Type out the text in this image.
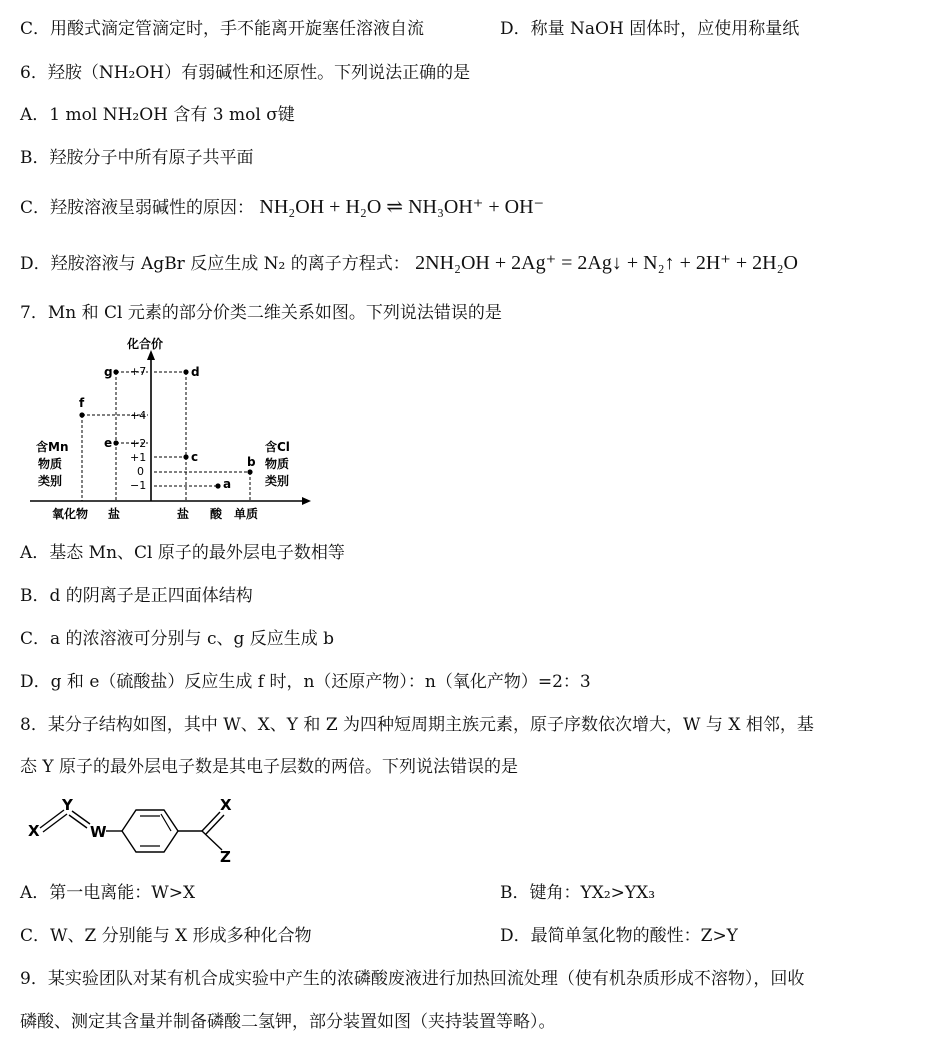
C．用酸式滴定管滴定时，手不能离开旋塞任溶液自流	D．称量 NaOH 固体时，应使用称量纸
6．羟胺（NH₂OH）有弱碱性和还原性。下列说法正确的是
A．1 mol NH₂OH 含有 3 mol σ键
B．羟胺分子中所有原子共平面
C．羟胺溶液呈弱碱性的原因： NH₂OH + H₂O ⇌ NH₃OH⁺ + OH⁻
D．羟胺溶液与 AgBr 反应生成 N₂ 的离子方程式： 2NH₂OH + 2Ag⁺ = 2Ag↓ + N₂↑ + 2H⁺ + 2H₂O
7．Mn 和 Cl 元素的部分价类二维关系如图。下列说法错误的是
化合价
+7
+4
+2
+1
0
−1
g
f
e
d
c
a
b
含Mn 物质类别
含Cl 物质类别
氧化物 盐	盐 酸 单质
A．基态 Mn、Cl 原子的最外层电子数相等
B．d 的阴离子是正四面体结构
C．a 的浓溶液可分别与 c、g 反应生成 b
D．g 和 e（硫酸盐）反应生成 f 时，n（还原产物）：n（氧化产物）=2：3
8．某分子结构如图，其中 W、X、Y 和 Z 为四种短周期主族元素，原子序数依次增大，W 与 X 相邻，基
态 Y 原子的最外层电子数是其电子层数的两倍。下列说法错误的是
X
Y
W
X
Z
A．第一电离能：W>X	B．键角：YX₂>YX₃
C．W、Z 分别能与 X 形成多种化合物	D．最简单氢化物的酸性：Z>Y
9．某实验团队对某有机合成实验中产生的浓磷酸废液进行加热回流处理（使有机杂质形成不溶物），回收
磷酸、测定其含量并制备磷酸二氢钾，部分装置如图（夹持装置等略）。
